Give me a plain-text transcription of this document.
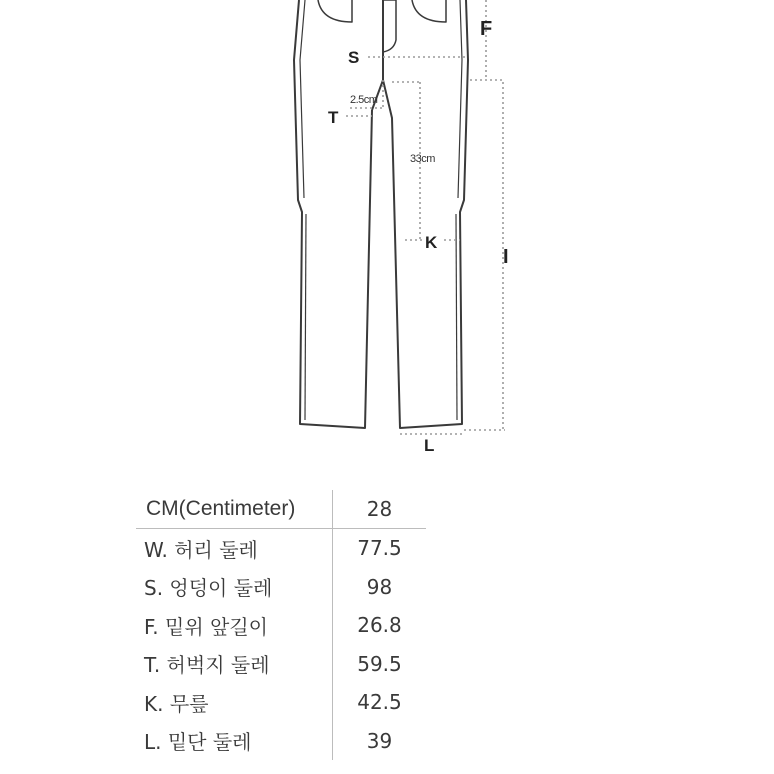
F
S
2.5cm
T
33cm
K
I
L
CM(Centimeter)	28
W. 허리 둘레	77.5
S. 엉덩이 둘레	98
F. 밑위 앞길이	26.8
T. 허벅지 둘레	59.5
K. 무릎	42.5
L. 밑단 둘레	39
